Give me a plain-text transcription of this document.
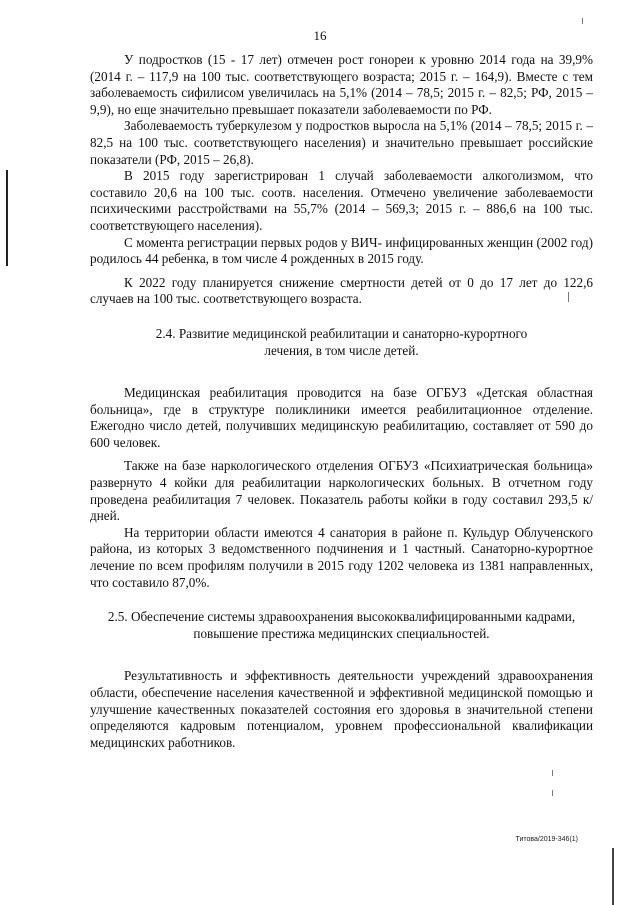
16

У подростков (15 - 17 лет) отмечен рост гонореи к уровню 2014 года на 39,9% (2014 г. – 117,9 на 100 тыс. соответствующего возраста; 2015 г. – 164,9). Вместе с тем заболеваемость сифилисом увеличилась на 5,1% (2014 – 78,5; 2015 г. – 82,5; РФ, 2015 – 9,9), но еще значительно превышает показатели заболеваемости по РФ.

Заболеваемость туберкулезом у подростков выросла на 5,1% (2014 – 78,5; 2015 г. – 82,5 на 100 тыс. соответствующего населения) и значительно превышает российские показатели (РФ, 2015 – 26,8).

В 2015 году зарегистрирован 1 случай заболеваемости алкоголизмом, что составило 20,6 на 100 тыс. соотв. населения. Отмечено увеличение заболеваемости психическими расстройствами на 55,7% (2014 – 569,3; 2015 г. – 886,6 на 100 тыс. соответствующего населения).

С момента регистрации первых родов у ВИЧ- инфицированных женщин (2002 год) родилось 44 ребенка, в том числе 4 рожденных в 2015 году.

К 2022 году планируется снижение смертности детей от 0 до 17 лет до 122,6 случаев на 100 тыс. соответствующего возраста.

2.4. Развитие медицинской реабилитации и санаторно-курортного лечения, в том числе детей.

Медицинская реабилитация проводится на базе ОГБУЗ «Детская областная больница», где в структуре поликлиники имеется реабилитационное отделение. Ежегодно число детей, получивших медицинскую реабилитацию, составляет от 590 до 600 человек.

Также на базе наркологического отделения ОГБУЗ «Психиатрическая больница» развернуто 4 койки для реабилитации наркологических больных. В отчетном году проведена реабилитация 7 человек. Показатель работы койки в году составил 293,5 к/дней.

На территории области имеются 4 санатория в районе п. Кульдур Облученского района, из которых 3 ведомственного подчинения и 1 частный. Санаторно-курортное лечение по всем профилям получили в 2015 году 1202 человека из 1381 направленных, что составило 87,0%.

2.5. Обеспечение системы здравоохранения высококвалифицированными кадрами, повышение престижа медицинских специальностей.

Результативность и эффективность деятельности учреждений здравоохранения области, обеспечение населения качественной и эффективной медицинской помощью и улучшение качественных показателей состояния его здоровья в значительной степени определяются кадровым потенциалом, уровнем профессиональной квалификации медицинских работников.

Титова/2019-346(1)
